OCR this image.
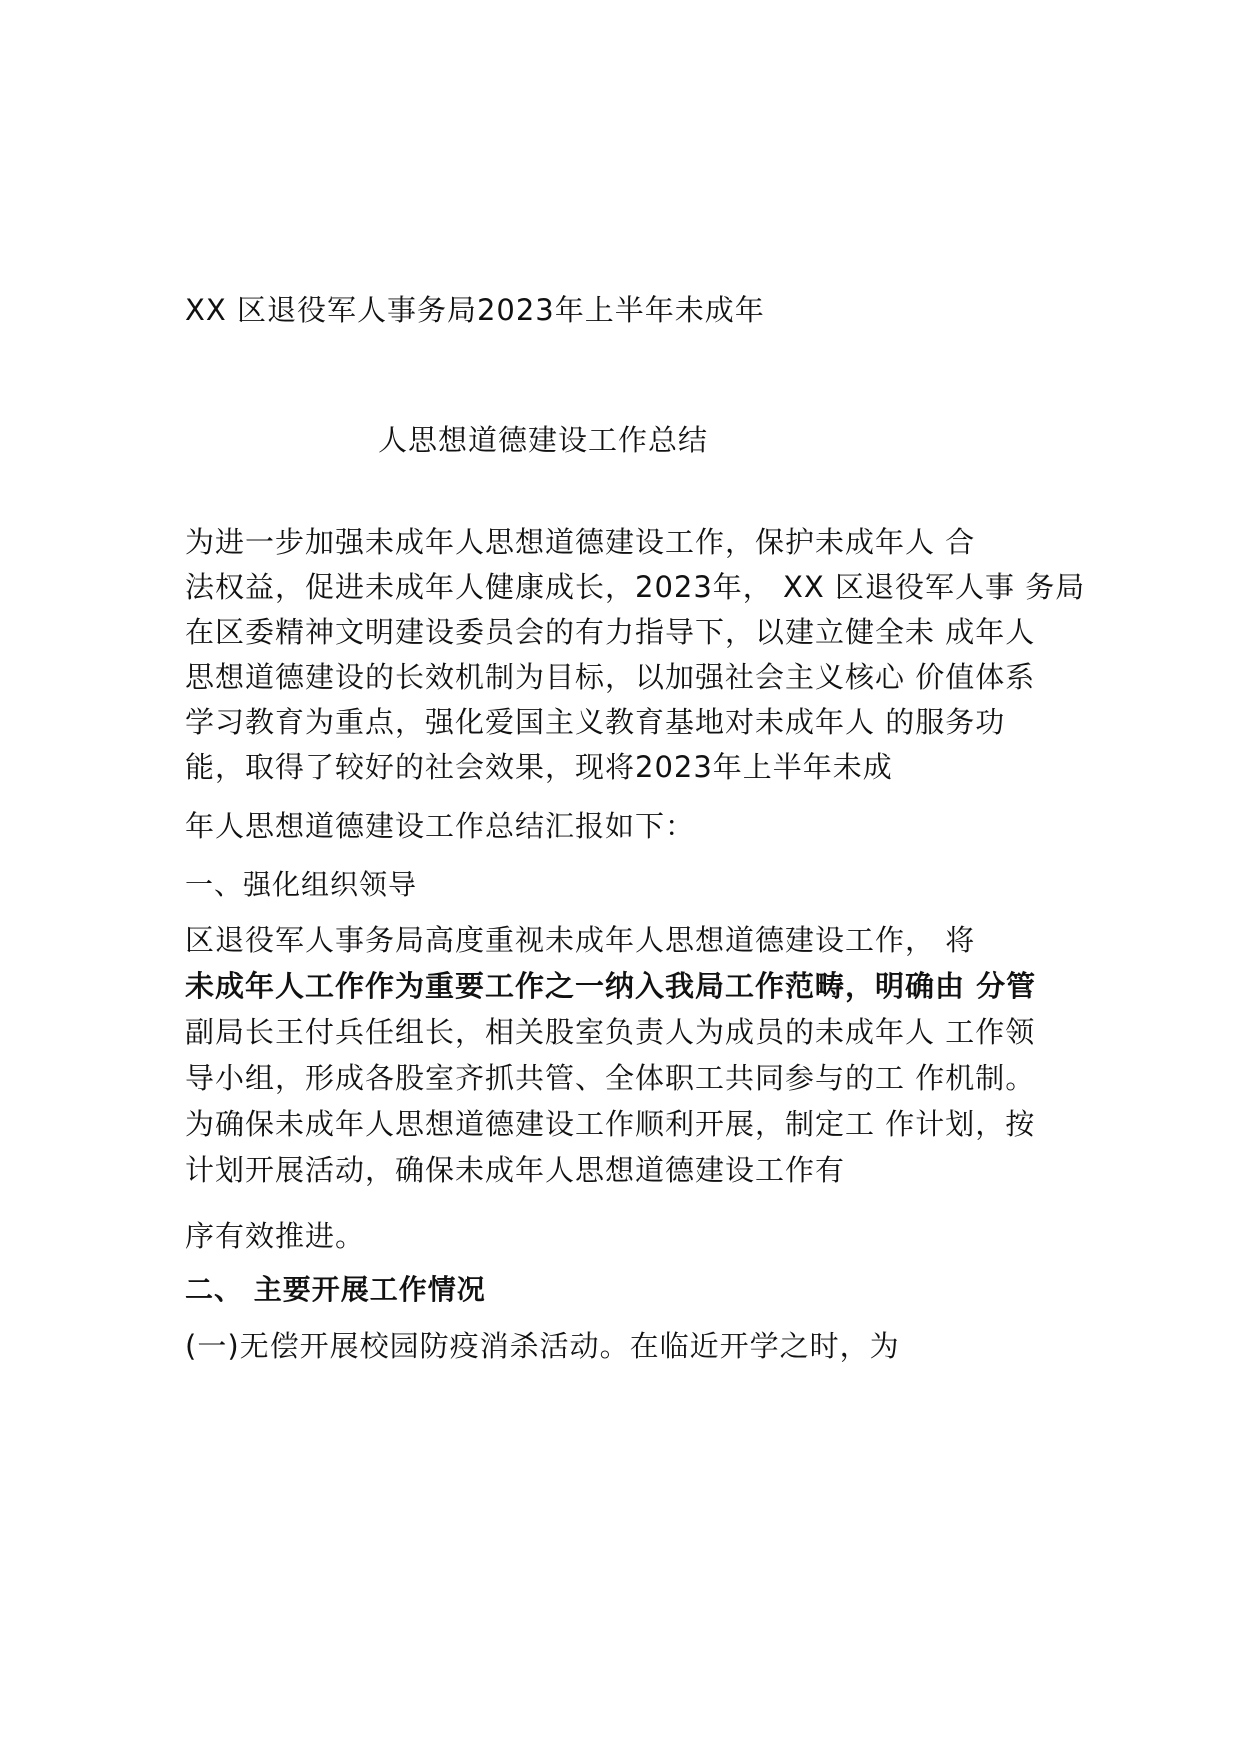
XX 区退役军人事务局2023年上半年未成年
人思想道德建设工作总结
为进一步加强未成年人思想道德建设工作，保护未成年人 合
法权益，促进未成年人健康成长，2023年， XX 区退役军人事 务局
在区委精神文明建设委员会的有力指导下，以建立健全未 成年人
思想道德建设的长效机制为目标，以加强社会主义核心 价值体系
学习教育为重点，强化爱国主义教育基地对未成年人 的服务功
能，取得了较好的社会效果，现将2023年上半年未成
年人思想道德建设工作总结汇报如下：
一、强化组织领导
区退役军人事务局高度重视未成年人思想道德建设工作， 将
未成年人工作作为重要工作之一纳入我局工作范畴，明确由 分管
副局长王付兵任组长，相关股室负责人为成员的未成年人 工作领
导小组，形成各股室齐抓共管、全体职工共同参与的工 作机制。
为确保未成年人思想道德建设工作顺利开展，制定工 作计划，按
计划开展活动，确保未成年人思想道德建设工作有
序有效推进。
二、 主要开展工作情况
(一)无偿开展校园防疫消杀活动。在临近开学之时，为
